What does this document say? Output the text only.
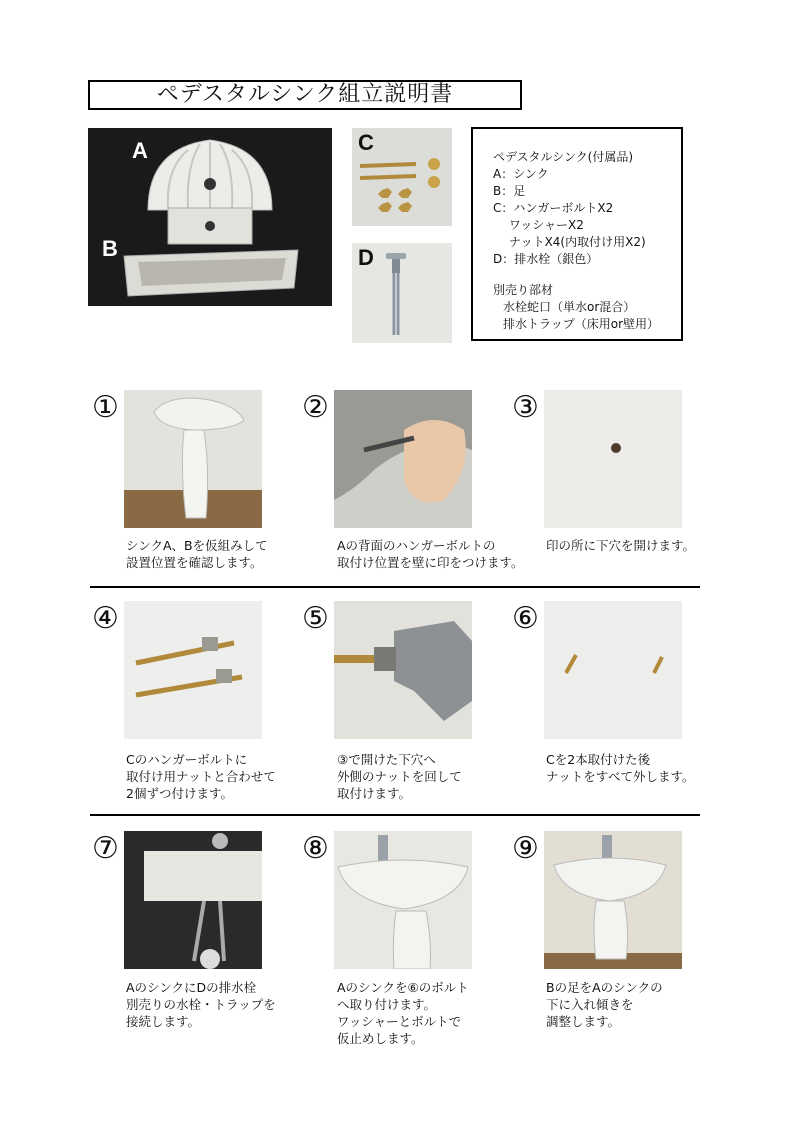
ペデスタルシンク組立説明書
A
B
C
D
ペデスタルシンク(付属品)
A：シンク
B：足
C：ハンガーボルトX2
　 ワッシャーX2
　 ナットX4(内取付け用X2)
D：排水栓（銀色）
別売り部材
水栓蛇口（単水or混合）
排水トラップ（床用or壁用）
①
シンクA、Bを仮組みして
設置位置を確認します。
②
Aの背面のハンガーボルトの
取付け位置を壁に印をつけます。
③
印の所に下穴を開けます。
④
Cのハンガーボルトに
取付け用ナットと合わせて
2個ずつ付けます。
⑤
③で開けた下穴へ
外側のナットを回して
取付けます。
⑥
Cを2本取付けた後
ナットをすべて外します。
⑦
AのシンクにDの排水栓
別売りの水栓・トラップを
接続します。
⑧
Aのシンクを⑥のボルト
へ取り付けます。
ワッシャーとボルトで
仮止めします。
⑨
Bの足をAのシンクの
下に入れ傾きを
調整します。
